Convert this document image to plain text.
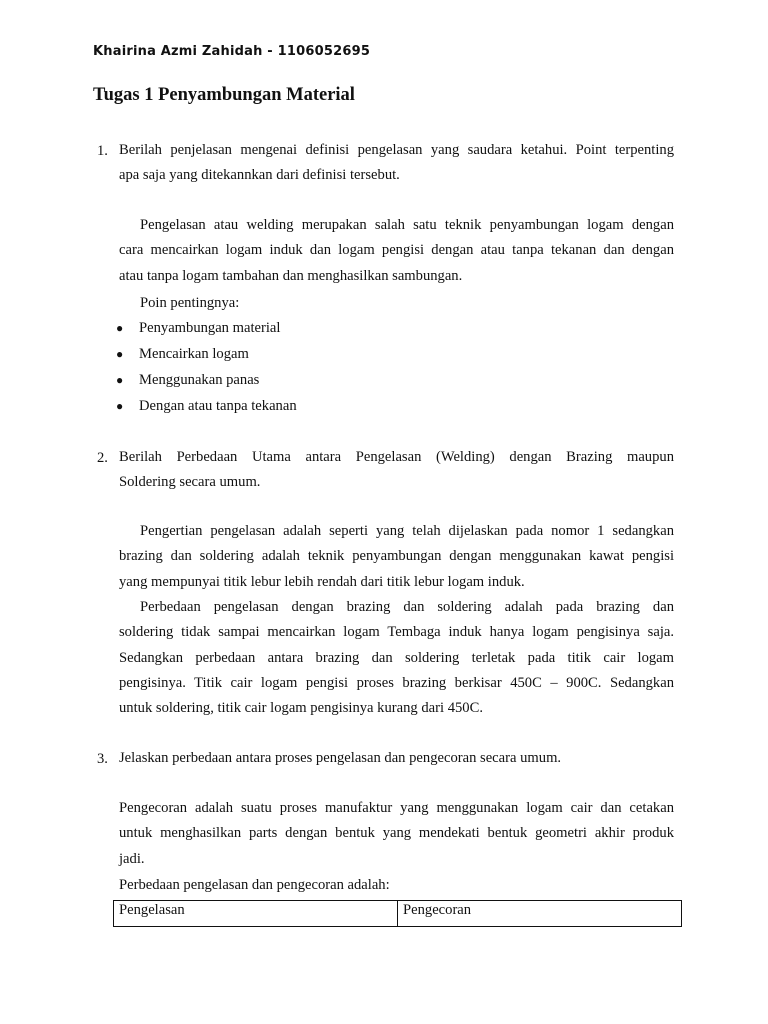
Khairina Azmi Zahidah - 1106052695
Tugas 1 Penyambungan Material
1. Berilah penjelasan mengenai definisi pengelasan yang saudara ketahui. Point terpenting
apa saja yang ditekannkan dari definisi tersebut.
Pengelasan atau welding merupakan salah satu teknik penyambungan logam dengan
cara mencairkan logam induk dan logam pengisi dengan atau tanpa tekanan dan dengan
atau tanpa logam tambahan dan menghasilkan sambungan.
Poin pentingnya:
● Penyambungan material
● Mencairkan logam
● Menggunakan panas
● Dengan atau tanpa tekanan
2. Berilah Perbedaan Utama antara Pengelasan (Welding) dengan Brazing maupun
Soldering secara umum.
Pengertian pengelasan adalah seperti yang telah dijelaskan pada nomor 1 sedangkan
brazing dan soldering adalah teknik penyambungan dengan menggunakan kawat pengisi
yang mempunyai titik lebur lebih rendah dari titik lebur logam induk.
Perbedaan pengelasan dengan brazing dan soldering adalah pada brazing dan
soldering tidak sampai mencairkan logam Tembaga induk hanya logam pengisinya saja.
Sedangkan perbedaan antara brazing dan soldering terletak pada titik cair logam
pengisinya. Titik cair logam pengisi proses brazing berkisar 450C – 900C. Sedangkan
untuk soldering, titik cair logam pengisinya kurang dari 450C.
3. Jelaskan perbedaan antara proses pengelasan dan pengecoran secara umum.
Pengecoran adalah suatu proses manufaktur yang menggunakan logam cair dan cetakan
untuk menghasilkan parts dengan bentuk yang mendekati bentuk geometri akhir produk
jadi.
Perbedaan pengelasan dan pengecoran adalah:
Pengelasan	Pengecoran
